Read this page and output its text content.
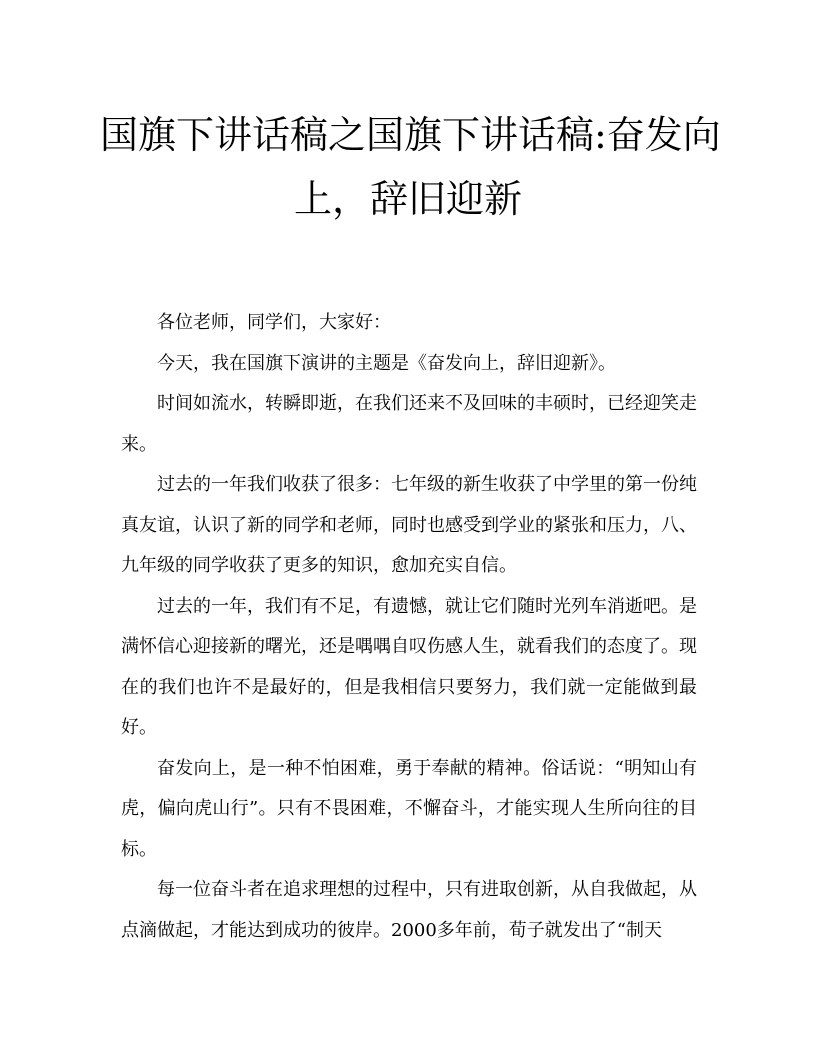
国旗下讲话稿之国旗下讲话稿:奋发向
上，辞旧迎新

各位老师，同学们，大家好：

今天，我在国旗下演讲的主题是《奋发向上，辞旧迎新》。

时间如流水，转瞬即逝，在我们还来不及回味的丰硕时，已经迎笑走来。

过去的一年我们收获了很多：七年级的新生收获了中学里的第一份纯真友谊，认识了新的同学和老师，同时也感受到学业的紧张和压力，八、九年级的同学收获了更多的知识，愈加充实自信。

过去的一年，我们有不足，有遗憾，就让它们随时光列车消逝吧。是满怀信心迎接新的曙光，还是喁喁自叹伤感人生，就看我们的态度了。现在的我们也许不是最好的，但是我相信只要努力，我们就一定能做到最好。

奋发向上，是一种不怕困难，勇于奉献的精神。俗话说：“明知山有虎，偏向虎山行”。只有不畏困难，不懈奋斗，才能实现人生所向往的目标。

每一位奋斗者在追求理想的过程中，只有进取创新，从自我做起，从点滴做起，才能达到成功的彼岸。2000多年前，荀子就发出了“制天
